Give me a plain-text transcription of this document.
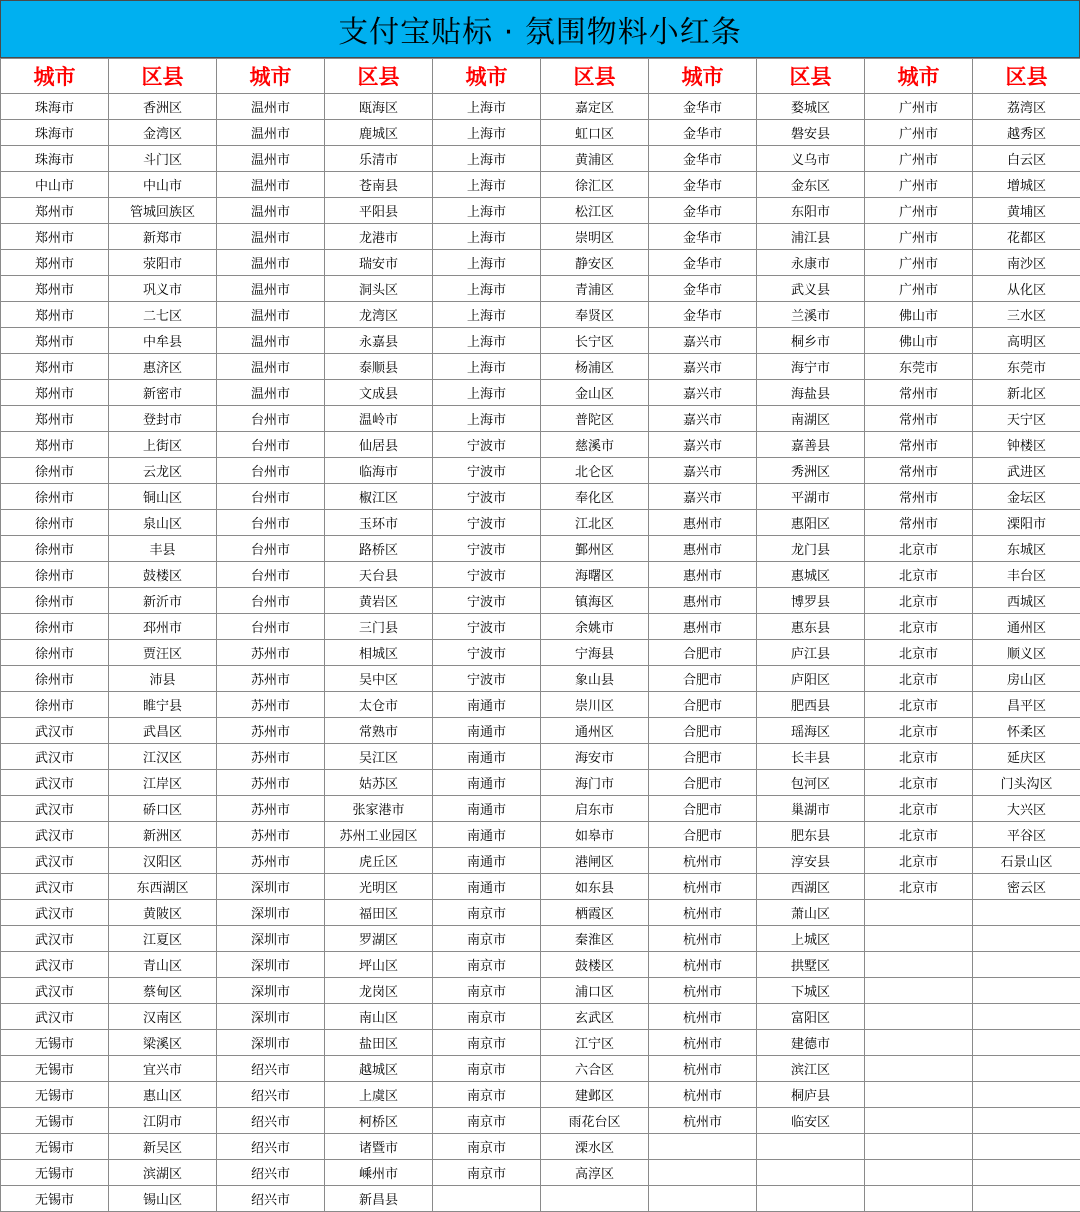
支付宝贴标 · 氛围物料小红条
城市	区县	城市	区县	城市	区县	城市	区县	城市	区县
珠海市	香洲区	温州市	瓯海区	上海市	嘉定区	金华市	婺城区	广州市	荔湾区
珠海市	金湾区	温州市	鹿城区	上海市	虹口区	金华市	磐安县	广州市	越秀区
珠海市	斗门区	温州市	乐清市	上海市	黄浦区	金华市	义乌市	广州市	白云区
中山市	中山市	温州市	苍南县	上海市	徐汇区	金华市	金东区	广州市	增城区
郑州市	管城回族区	温州市	平阳县	上海市	松江区	金华市	东阳市	广州市	黄埔区
郑州市	新郑市	温州市	龙港市	上海市	崇明区	金华市	浦江县	广州市	花都区
郑州市	荥阳市	温州市	瑞安市	上海市	静安区	金华市	永康市	广州市	南沙区
郑州市	巩义市	温州市	洞头区	上海市	青浦区	金华市	武义县	广州市	从化区
郑州市	二七区	温州市	龙湾区	上海市	奉贤区	金华市	兰溪市	佛山市	三水区
郑州市	中牟县	温州市	永嘉县	上海市	长宁区	嘉兴市	桐乡市	佛山市	高明区
郑州市	惠济区	温州市	泰顺县	上海市	杨浦区	嘉兴市	海宁市	东莞市	东莞市
郑州市	新密市	温州市	文成县	上海市	金山区	嘉兴市	海盐县	常州市	新北区
郑州市	登封市	台州市	温岭市	上海市	普陀区	嘉兴市	南湖区	常州市	天宁区
郑州市	上街区	台州市	仙居县	宁波市	慈溪市	嘉兴市	嘉善县	常州市	钟楼区
徐州市	云龙区	台州市	临海市	宁波市	北仑区	嘉兴市	秀洲区	常州市	武进区
徐州市	铜山区	台州市	椒江区	宁波市	奉化区	嘉兴市	平湖市	常州市	金坛区
徐州市	泉山区	台州市	玉环市	宁波市	江北区	惠州市	惠阳区	常州市	溧阳市
徐州市	丰县	台州市	路桥区	宁波市	鄞州区	惠州市	龙门县	北京市	东城区
徐州市	鼓楼区	台州市	天台县	宁波市	海曙区	惠州市	惠城区	北京市	丰台区
徐州市	新沂市	台州市	黄岩区	宁波市	镇海区	惠州市	博罗县	北京市	西城区
徐州市	邳州市	台州市	三门县	宁波市	余姚市	惠州市	惠东县	北京市	通州区
徐州市	贾汪区	苏州市	相城区	宁波市	宁海县	合肥市	庐江县	北京市	顺义区
徐州市	沛县	苏州市	吴中区	宁波市	象山县	合肥市	庐阳区	北京市	房山区
徐州市	睢宁县	苏州市	太仓市	南通市	崇川区	合肥市	肥西县	北京市	昌平区
武汉市	武昌区	苏州市	常熟市	南通市	通州区	合肥市	瑶海区	北京市	怀柔区
武汉市	江汉区	苏州市	吴江区	南通市	海安市	合肥市	长丰县	北京市	延庆区
武汉市	江岸区	苏州市	姑苏区	南通市	海门市	合肥市	包河区	北京市	门头沟区
武汉市	硚口区	苏州市	张家港市	南通市	启东市	合肥市	巢湖市	北京市	大兴区
武汉市	新洲区	苏州市	苏州工业园区	南通市	如皋市	合肥市	肥东县	北京市	平谷区
武汉市	汉阳区	苏州市	虎丘区	南通市	港闸区	杭州市	淳安县	北京市	石景山区
武汉市	东西湖区	深圳市	光明区	南通市	如东县	杭州市	西湖区	北京市	密云区
武汉市	黄陂区	深圳市	福田区	南京市	栖霞区	杭州市	萧山区		
武汉市	江夏区	深圳市	罗湖区	南京市	秦淮区	杭州市	上城区		
武汉市	青山区	深圳市	坪山区	南京市	鼓楼区	杭州市	拱墅区		
武汉市	蔡甸区	深圳市	龙岗区	南京市	浦口区	杭州市	下城区		
武汉市	汉南区	深圳市	南山区	南京市	玄武区	杭州市	富阳区		
无锡市	梁溪区	深圳市	盐田区	南京市	江宁区	杭州市	建德市		
无锡市	宜兴市	绍兴市	越城区	南京市	六合区	杭州市	滨江区		
无锡市	惠山区	绍兴市	上虞区	南京市	建邺区	杭州市	桐庐县		
无锡市	江阴市	绍兴市	柯桥区	南京市	雨花台区	杭州市	临安区		
无锡市	新吴区	绍兴市	诸暨市	南京市	溧水区				
无锡市	滨湖区	绍兴市	嵊州市	南京市	高淳区				
无锡市	锡山区	绍兴市	新昌县						
